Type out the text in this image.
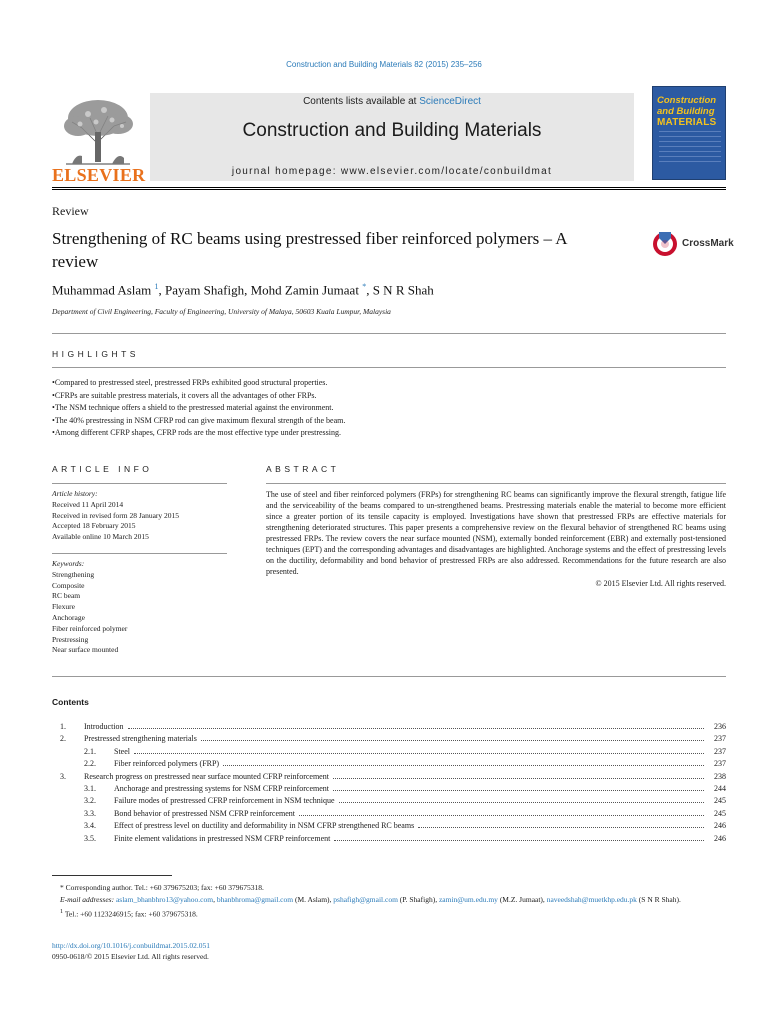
Construction and Building Materials 82 (2015) 235–256
ELSEVIER
Contents lists available at ScienceDirect
Construction and Building Materials
journal homepage: www.elsevier.com/locate/conbuildmat
Construction
and Building
MATERIALS
Review
Strengthening of RC beams using prestressed fiber reinforced polymers – A review
CrossMark
Muhammad Aslam $^1$, Payam Shafigh, Mohd Zamin Jumaat *, S N R Shah
Department of Civil Engineering, Faculty of Engineering, University of Malaya, 50603 Kuala Lumpur, Malaysia
HIGHLIGHTS
• Compared to prestressed steel, prestressed FRPs exhibited good structural properties.
• CFRPs are suitable prestress materials, it covers all the advantages of other FRPs.
• The NSM technique offers a shield to the prestressed material against the environment.
• The 40% prestressing in NSM CFRP rod can give maximum flexural strength of the beam.
• Among different CFRP shapes, CFRP rods are the most effective type under prestressing.
ARTICLE INFO	ABSTRACT
Article history:
Received 11 April 2014
Received in revised form 28 January 2015
Accepted 18 February 2015
Available online 10 March 2015
Keywords:
Strengthening
Composite
RC beam
Flexure
Anchorage
Fiber reinforced polymer
Prestressing
Near surface mounted
The use of steel and fiber reinforced polymers (FRPs) for strengthening RC beams can significantly improve the flexural strength, fatigue life and the serviceability of the beams compared to un-strengthened beams. Prestressing materials enable the material to become more efficient since a greater portion of its tensile capacity is employed. Investigations have shown that prestressed FRPs are effective materials for strengthening deteriorated structures. This paper presents a comprehensive review on the flexural behavior of strengthened RC beams using prestressed FRPs. The review covers the near surface mounted (NSM), externally bonded reinforcement (EBR) and externally post-tensioned techniques (EPT) and the corresponding advantages and disadvantages are highlighted. Anchorage systems and the effect of prestressing levels on the ductility, deformability and bond behavior of prestressed FRPs are also addressed. Recommendations for the future research are also presented.
© 2015 Elsevier Ltd. All rights reserved.
Contents
1.	Introduction	236
2.	Prestressed strengthening materials	237
2.1.	Steel	237
2.2.	Fiber reinforced polymers (FRP)	237
3.	Research progress on prestressed near surface mounted CFRP reinforcement	238
3.1.	Anchorage and prestressing systems for NSM CFRP reinforcement	244
3.2.	Failure modes of prestressed CFRP reinforcement in NSM technique	245
3.3.	Bond behavior of prestressed NSM CFRP reinforcement	245
3.4.	Effect of prestress level on ductility and deformability in NSM CFRP strengthened RC beams	246
3.5.	Finite element validations in prestressed NSM CFRP reinforcement	246
* Corresponding author. Tel.: +60 379675203; fax: +60 379675318.
E-mail addresses: aslam_bhanbhro13@yahoo.com, bhanbhroma@gmail.com (M. Aslam), pshafigh@gmail.com (P. Shafigh), zamin@um.edu.my (M.Z. Jumaat), naveedshah@muetkhp.edu.pk (S N R Shah).
$^1$ Tel.: +60 1123246915; fax: +60 379675318.
http://dx.doi.org/10.1016/j.conbuildmat.2015.02.051
0950-0618/© 2015 Elsevier Ltd. All rights reserved.
